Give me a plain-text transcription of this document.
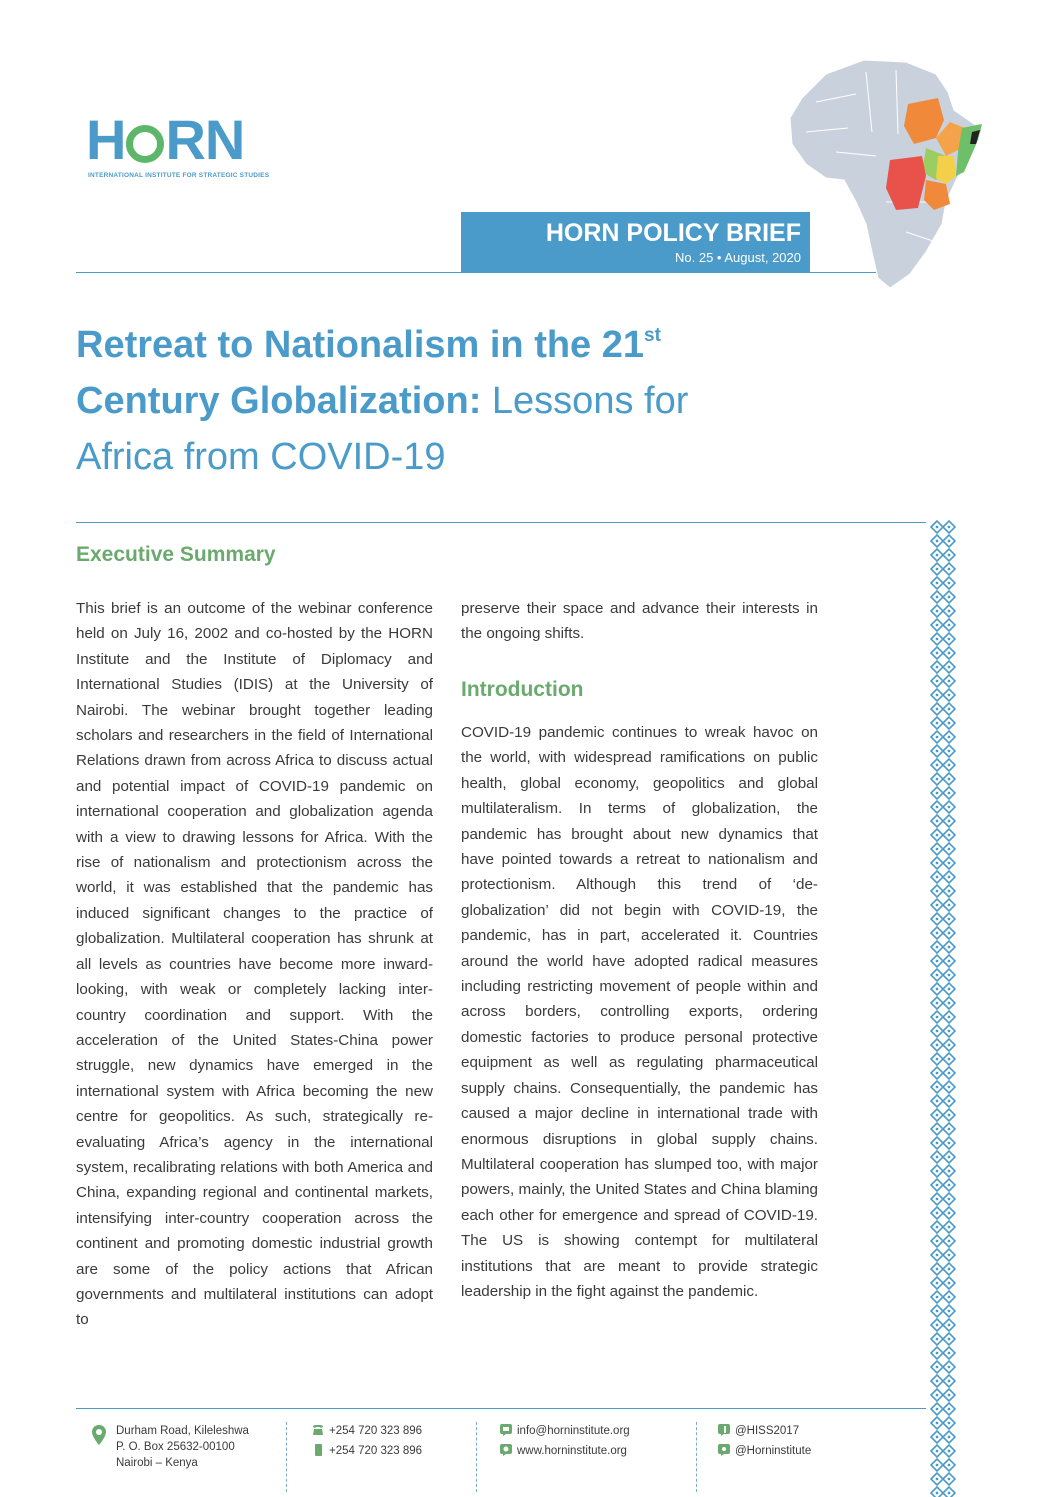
H RN
INTERNATIONAL INSTITUTE FOR STRATEGIC STUDIES
HORN POLICY BRIEF
No. 25 • August, 2020
Retreat to Nationalism in the 21st
Century Globalization: Lessons for
Africa from COVID-19
Executive Summary
This brief is an outcome of the webinar conference held on July 16, 2002 and co-hosted by the HORN Institute and the Institute of Diplomacy and International Studies (IDIS) at the University of Nairobi. The webinar brought together leading scholars and researchers in the field of International Relations drawn from across Africa to discuss actual and potential impact of COVID-19 pandemic on international cooperation and globalization agenda with a view to drawing lessons for Africa. With the rise of nationalism and protectionism across the world, it was established that the pandemic has induced significant changes to the practice of globalization. Multilateral cooperation has shrunk at all levels as countries have become more inward-looking, with weak or completely lacking inter-country coordination and support. With the acceleration of the United States-China power struggle, new dynamics have emerged in the international system with Africa becoming the new centre for geopolitics. As such, strategically re-evaluating Africa’s agency in the international system, recalibrating relations with both America and China, expanding regional and continental markets, intensifying inter-country cooperation across the continent and promoting domestic industrial growth are some of the policy actions that African governments and multilateral institutions can adopt to
preserve their space and advance their interests in the ongoing shifts.
Introduction
COVID-19 pandemic continues to wreak havoc on the world, with widespread ramifications on public health, global economy, geopolitics and global multilateralism. In terms of globalization, the pandemic has brought about new dynamics that have pointed towards a retreat to nationalism and protectionism. Although this trend of ‘de-globalization’ did not begin with COVID-19, the pandemic, has in part, accelerated it. Countries around the world have adopted radical measures including restricting movement of people within and across borders, controlling exports, ordering domestic factories to produce personal protective equipment as well as regulating pharmaceutical supply chains. Consequentially, the pandemic has caused a major decline in international trade with enormous disruptions in global supply chains. Multilateral cooperation has slumped too, with major powers, mainly, the United States and China blaming each other for emergence and spread of COVID-19. The US is showing contempt for multilateral institutions that are meant to provide strategic leadership in the fight against the pandemic.
Durham Road, Kileleshwa
P. O. Box 25632-00100
Nairobi – Kenya
+254 720 323 896
+254 720 323 896
info@horninstitute.org
www.horninstitute.org
@HISS2017
@Horninstitute
